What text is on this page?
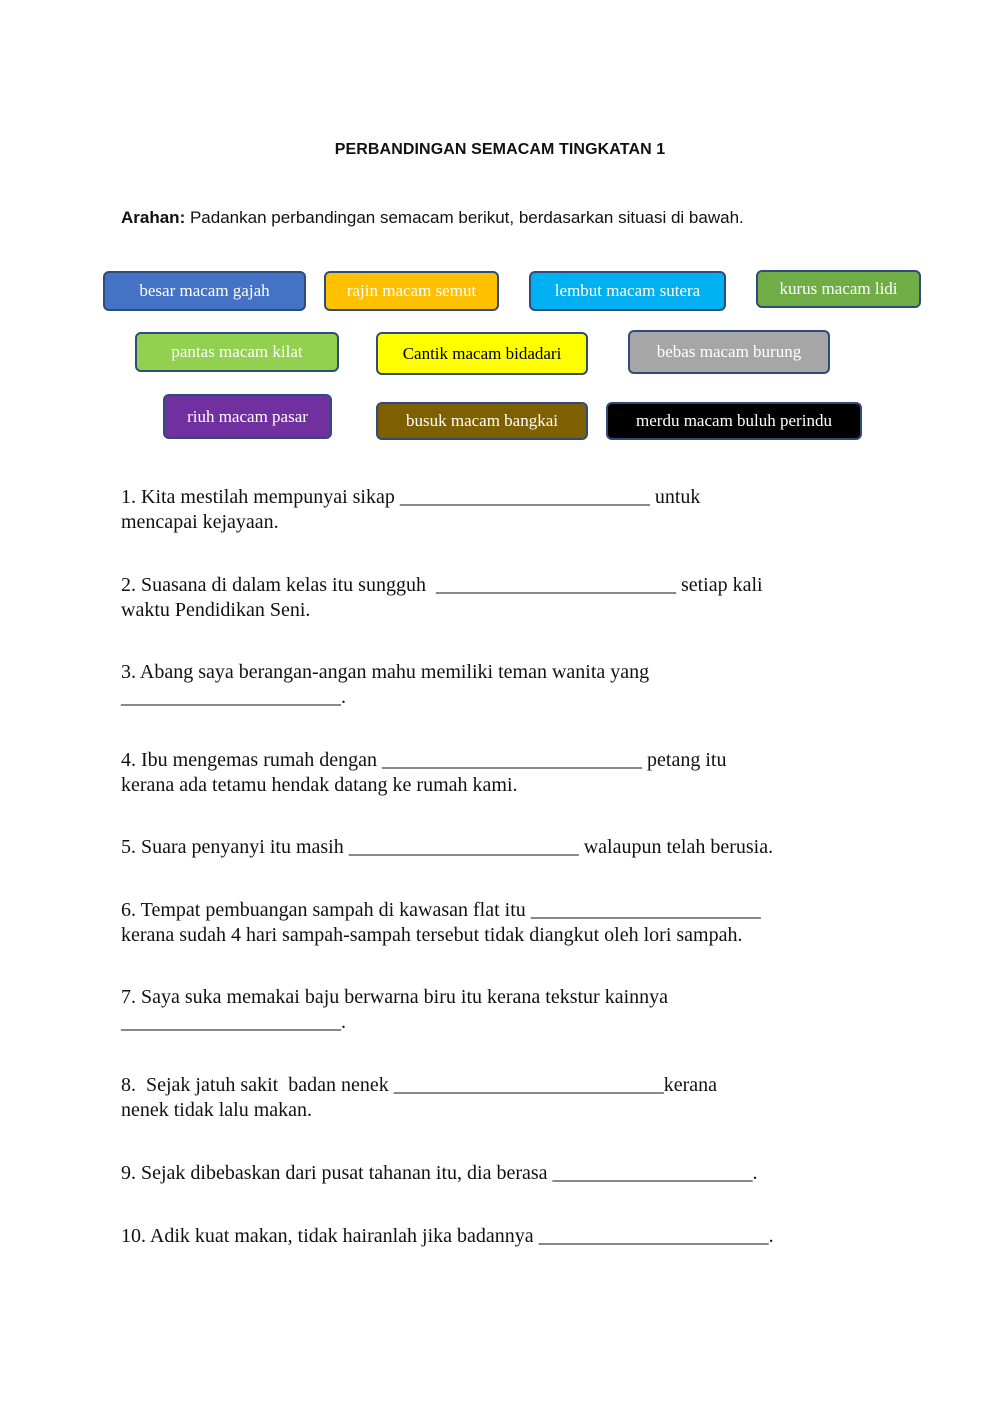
PERBANDINGAN SEMACAM TINGKATAN 1
Arahan: Padankan perbandingan semacam berikut, berdasarkan situasi di bawah.
besar macam gajah	rajin macam semut	lembut macam sutera	kurus macam lidi
pantas macam kilat	Cantik macam bidadari	bebas macam burung
riuh macam pasar	busuk macam bangkai	merdu macam buluh perindu
1. Kita mestilah mempunyai sikap _________________________ untuk
mencapai kejayaan.
2. Suasana di dalam kelas itu sungguh  ________________________ setiap kali
waktu Pendidikan Seni.
3. Abang saya berangan-angan mahu memiliki teman wanita yang
______________________.
4. Ibu mengemas rumah dengan __________________________ petang itu
kerana ada tetamu hendak datang ke rumah kami.
5. Suara penyanyi itu masih _______________________ walaupun telah berusia.
6. Tempat pembuangan sampah di kawasan flat itu _______________________
kerana sudah 4 hari sampah-sampah tersebut tidak diangkut oleh lori sampah.
7. Saya suka memakai baju berwarna biru itu kerana tekstur kainnya
______________________.
8.  Sejak jatuh sakit  badan nenek ___________________________kerana
nenek tidak lalu makan.
9. Sejak dibebaskan dari pusat tahanan itu, dia berasa ____________________.
10. Adik kuat makan, tidak hairanlah jika badannya _______________________.
